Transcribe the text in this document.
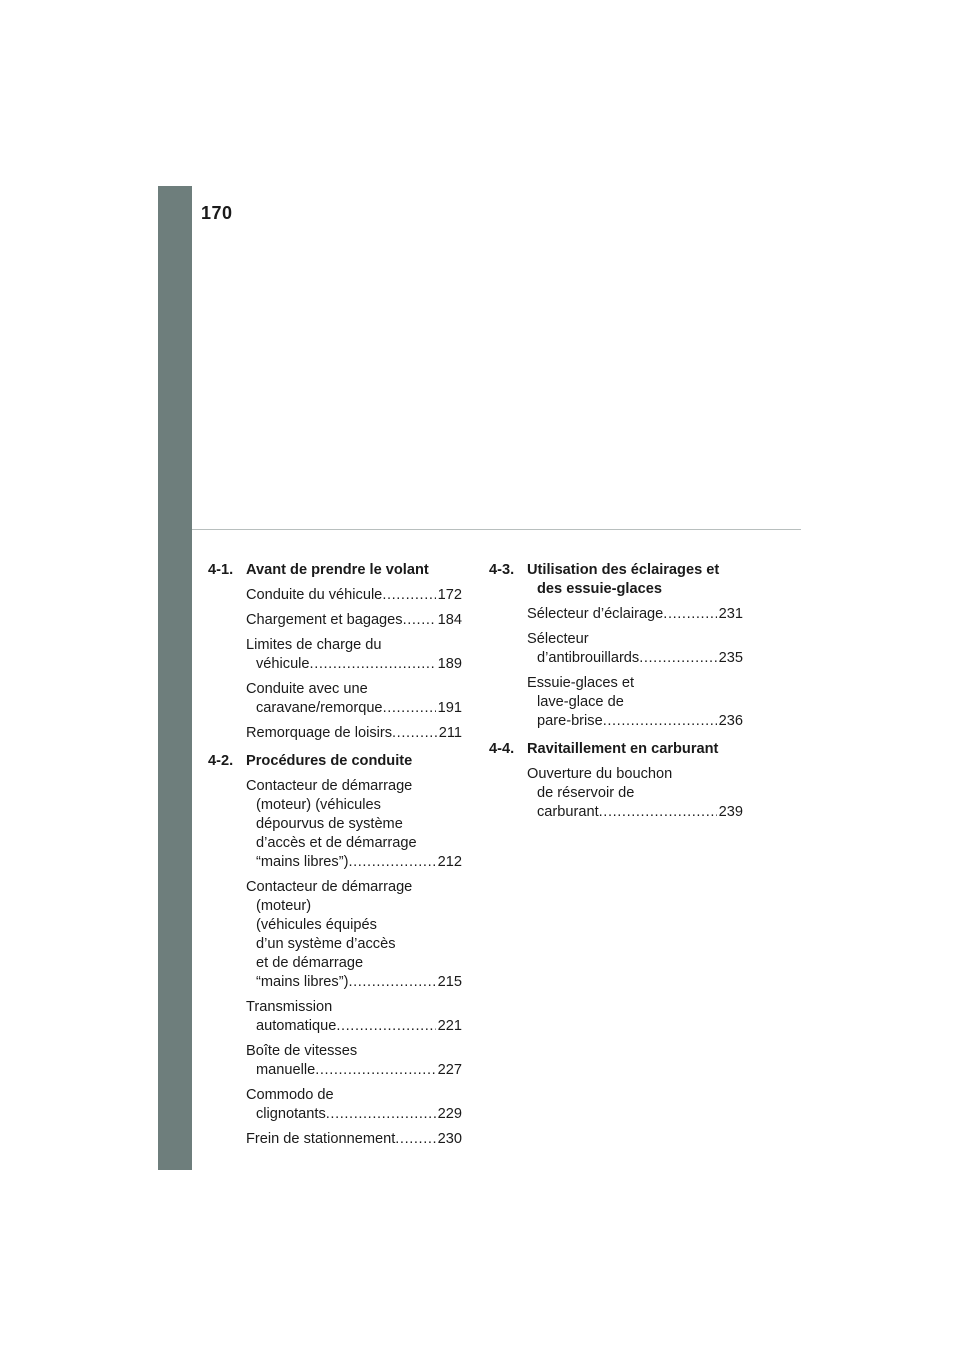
170
4-1. Avant de prendre le volant
Conduite du véhicule .....	172
Chargement et bagages ..... 184
Limites de charge du
véhicule .....	189
Conduite avec une
caravane/remorque .....	191
Remorquage de loisirs .....	211
4-2. Procédures de conduite
Contacteur de démarrage
(moteur) (véhicules
dépourvus de système
d’accès et de démarrage
“mains libres”) .....	212
Contacteur de démarrage
(moteur)
(véhicules équipés
d’un système d’accès
et de démarrage
“mains libres”) .....	215
Transmission
automatique .....	221
Boîte de vitesses
manuelle .....	227
Commodo de
clignotants .....	229
Frein de stationnement .....	230
4-3. Utilisation des éclairages et
des essuie-glaces
Sélecteur d’éclairage .....	231
Sélecteur
d’antibrouillards .....	235
Essuie-glaces et
lave-glace de
pare-brise .....	236
4-4. Ravitaillement en carburant
Ouverture du bouchon
de réservoir de
carburant .....	239
